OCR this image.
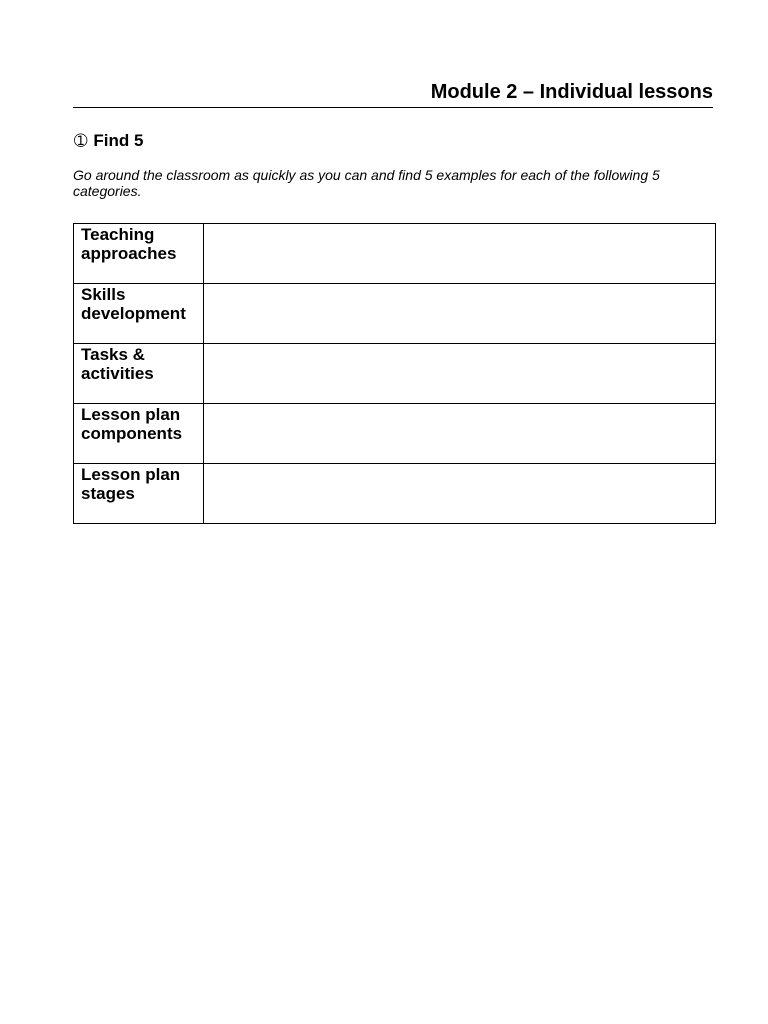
Module 2 – Individual lessons
➀ Find 5
Go around the classroom as quickly as you can and find 5 examples for each of the following 5 categories.
Teaching
approaches	

Skills
development	

Tasks &
activities	

Lesson plan
components	

Lesson plan
stages	
